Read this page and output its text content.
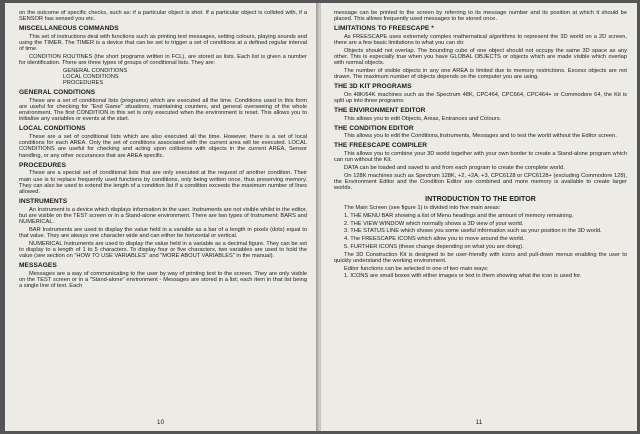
on the outcome of specific checks, such as: if a particular object is shot. If a particular object is collided with, if a SENSOR has sensed you etc.

MISCELLANEOUS COMMANDS

This set of instructions deal with functions such as printing text messages, setting colours, playing sounds and using the TIMER. The TIMER is a device that can be set to trigger a set of conditions at a defined regular interval of time.

CONDITION ROUTINES (the short programs written in FCL), are stored as lists. Each list is given a number for identification. There are three types of groups of conditional lists. They are:

GENERAL CONDITIONS
LOCAL CONDITIONS
PROCEDURES
GENERAL CONDITIONS

These are a set of conditional lists (programs) which are executed all the time. Conditions used in this form are useful for checking for "End Game" situations, maintaining counters, and general overseeing of the whole environment. The first CONDITION in this set is only executed when the environment is reset. This allows you to initialise any variables or events at the start.

LOCAL CONDITIONS

These are a set of conditional lists which are also executed all the time. However, there is a set of local conditions for each AREA. Only the set of conditions associated with the current area will be executed. LOCAL CONDITIONS are useful for checking and acting upon collisions with objects in the current AREA, Sensor handling, or any other occurances that are AREA specific.

PROCEDURES

These are a special set of conditional lists that are only executed at the request of another condition. Their main use is to replace frequently used functions by conditions, only being written once, thus preserving memory. They can also be used to extend the length of a condition list if a condition exceeds the maximum number of lines allowed.

INSTRUMENTS

An Instrument is a device which displays information to the user. Instruments are not visible whilst in the editor, but are visible on the TEST screen or in a Stand-alone environment. There are two types of Instrument: BARS and NUMERICAL.

BAR Instruments are used to display the value held in a variable as a bar of a length in pixels (dots) equal to that value. They are always one character wide and can either be horizontal or vertical.

NUMERICAL Instruments are used to display the value held in a variable as a decimal figure. They can be set to display to a length of 1 to 5 characters. To display four or five characters, two variables are used to hold the value (see section on "HOW TO USE VARIABLES" and "MORE ABOUT VARIABLES" in the manual).

MESSAGES

Messages are a way of communicating to the user by way of printing text to the screen. They are only visible on the TEST screen or in a "Stand-alone" environment - Messages are stored in a list; each item in that list being a single line of text. Each

10

message can be printed to the screen by referring to its message number and its position at which it should be placed. This allows frequently used messages to be stored once.

LIMITATIONS TO FREESCAPE *

As FREESCAPE uses extremely complex mathematical algorithms to represent the 3D world on a 2D screen, there are a few basic limitations to what you can do:

Objects should not overlap. The bounding cube of one object should not occupy the same 3D space as any other. This is especially true when you have GLOBAL OBJECTS or objects which are made visible which overlap with normal objects.

The number of visible objects in any one AREA is limited due to memory restrictions. Excess objects are not drawn. The maximum number of objects depends on the computer you are using.

THE 3D KIT PROGRAMS

On 48K/64K machines such as the Spectrum 48K, CPC464, CPC664, CPC464+ or Commodore 64, the Kit is split up into three programs:

THE ENVIRONMENT EDITOR

This allows you to edit Objects, Areas, Entrances and Colours.

THE CONDITION EDITOR

This allows you to edit the Conditions,Instruments, Messages and to test the world without the Editor screen.

THE FREESCAPE COMPILER

This allows you to combine your 3D world together with your own border to create a Stand-alone program which can run without the Kit.

DATA can be loaded and saved to and from each program to create the complete world.

On 128K machines such as Spectrum 128K, +2, +2A, +3, CPC6128 or CPC6128+ (excluding Commodore 128), the Environment Editor and the Condition Editor are combined and more memory is available to create larger worlds.

INTRODUCTION TO THE EDITOR

The Main Screen (see figure 1) is divided into five main areas:

1. THE MENU BAR showing a list of Menu headings and the amount of memory remaining.

2. THE VIEW WINDOW which normally shows a 3D view of your world.

3. THE STATUS LINE which shows you some useful information such as your position in the 3D world.

4. The FREESCAPE ICONS which allow you to move around the world.

5. FURTHER ICONS (these change depending on what you are doing).

The 3D Construction Kit is designed to be user-friendly with icons and pull-down menus enabling the user to quickly understand the working environment.

Editor functions can be selected in one of two main ways:

1. ICONS are small boxes with either images or text in them showing what the icon is used for.

11
